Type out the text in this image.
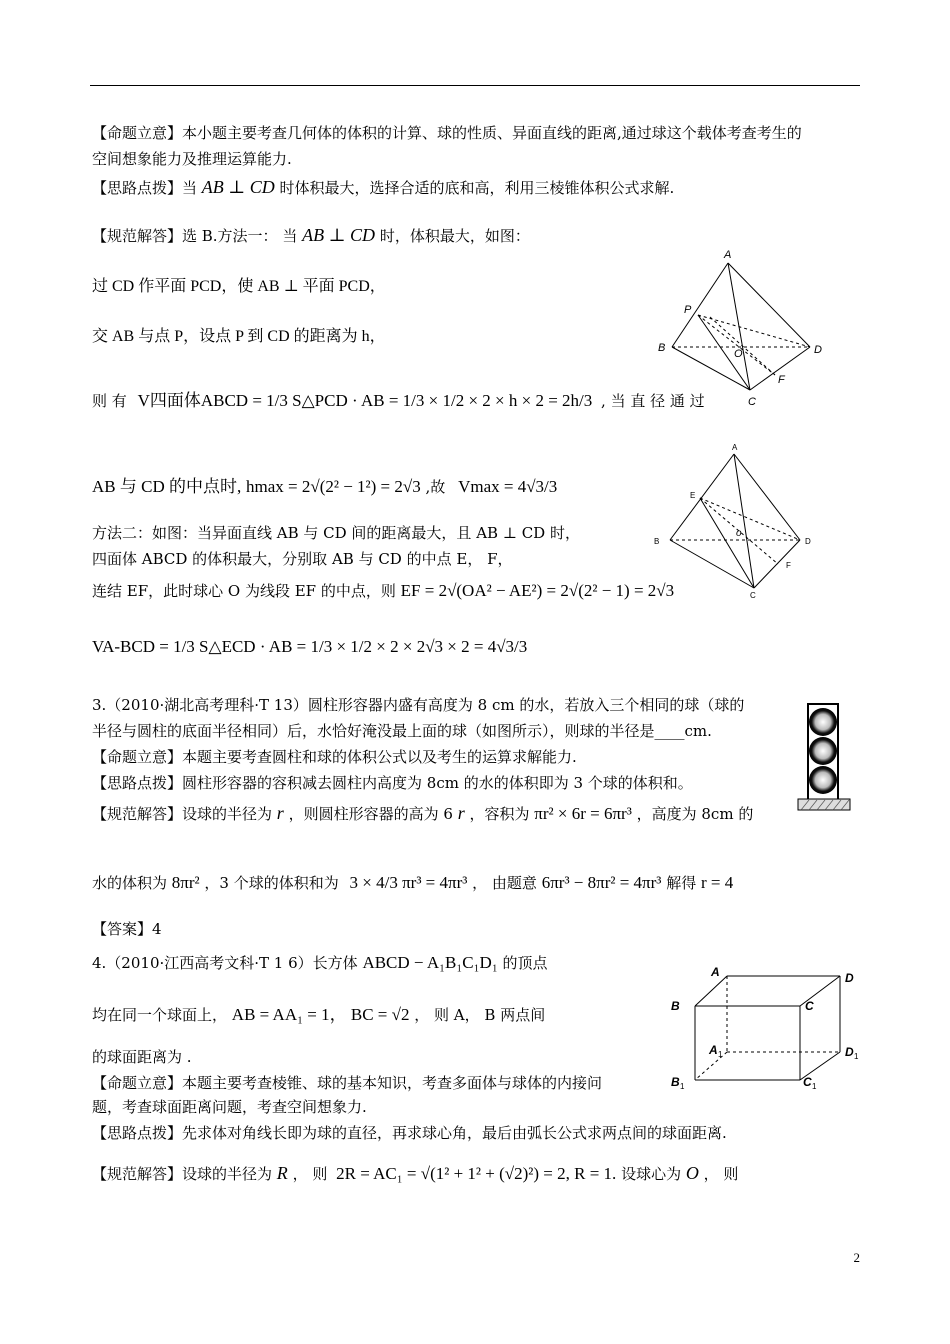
【命题立意】本小题主要考查几何体的体积的计算、球的性质、异面直线的距离,通过球这个载体考查考生的
空间想象能力及推理运算能力.
【思路点拨】当 AB ⊥ CD 时体积最大，选择合适的底和高，利用三棱锥体积公式求解.
【规范解答】选 B.方法一： 当 AB ⊥ CD 时，体积最大，如图：
过 CD 作平面 PCD，使 AB ⊥ 平面 PCD，
交 AB 与点 P，设点 P 到 CD 的距离为 h，
则 有 V四面体ABCD = 1/3 S△PCD · AB = 1/3 × 1/2 × 2 × h × 2 = 2h/3 , 当 直 径 通 过
AB 与 CD 的中点时, hmax = 2√(2² − 1²) = 2√3 ,故 Vmax = 4√3/3
方法二：如图：当异面直线 AB 与 CD 间的距离最大，且 AB ⊥ CD 时，
四面体 ABCD 的体积最大，分别取 AB 与 CD 的中点 E， F，
连结 EF，此时球心 O 为线段 EF 的中点，则 EF = 2√(OA² − AE²) = 2√(2² − 1) = 2√3
VA-BCD = 1/3 S△ECD · AB = 1/3 × 1/2 × 2 × 2√3 × 2 = 4√3/3
3.（2010·湖北高考理科·T 13）圆柱形容器内盛有高度为 8 cm 的水，若放入三个相同的球（球的
半径与圆柱的底面半径相同）后，水恰好淹没最上面的球（如图所示），则球的半径是____cm.
【命题立意】本题主要考查圆柱和球的体积公式以及考生的运算求解能力.
【思路点拨】圆柱形容器的容积减去圆柱内高度为 8cm 的水的体积即为 3 个球的体积和。
【规范解答】设球的半径为 r ，则圆柱形容器的高为 6 r ，容积为 πr² × 6r = 6πr³ ，高度为 8cm 的
水的体积为 8πr² ，3 个球的体积和为 3 × 4/3 πr³ = 4πr³ ， 由题意 6πr³ − 8πr² = 4πr³ 解得 r = 4
【答案】4
4.（2010·江西高考文科·T 1 6）长方体 ABCD − A₁B₁C₁D₁ 的顶点
均在同一个球面上， AB = AA₁ = 1， BC = √2 ， 则 A， B 两点间
的球面距离为 .
【命题立意】本题主要考查棱锥、球的基本知识，考查多面体与球体的内接问
题，考查球面距离问题，考查空间想象力.
【思路点拨】先求体对角线长即为球的直径，再求球心角，最后由弧长公式求两点间的球面距离.
【规范解答】设球的半径为 R ， 则 2R = AC₁ = √(1² + 1² + (√2)²) = 2, R = 1. 设球心为 O ， 则
A
B
C
D
P
O
F
A
B
C
D
E
o
F
A	D
B	C
A	D
B	C
1	1
1	1
2
